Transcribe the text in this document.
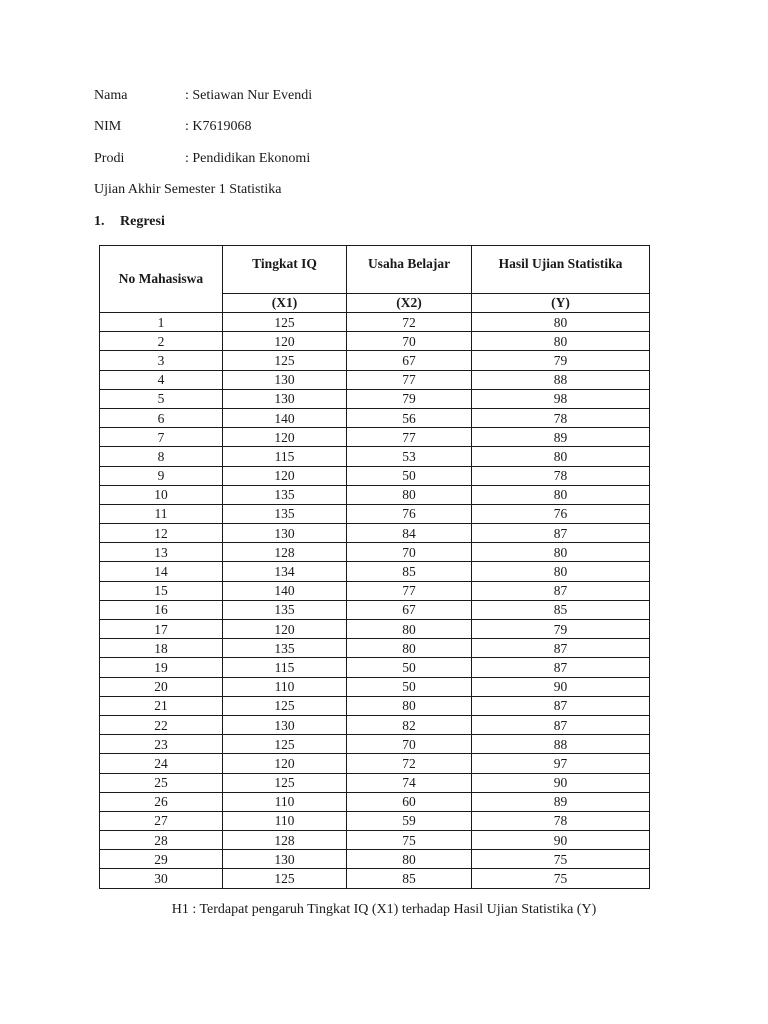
Nama	: Setiawan Nur Evendi
NIM	: K7619068
Prodi	: Pendidikan Ekonomi
Ujian Akhir Semester 1 Statistika
1. Regresi
No Mahasiswa	Tingkat IQ	Usaha Belajar	Hasil Ujian Statistika
	(X1)	(X2)	(Y)
1	125	72	80
2	120	70	80
3	125	67	79
4	130	77	88
5	130	79	98
6	140	56	78
7	120	77	89
8	115	53	80
9	120	50	78
10	135	80	80
11	135	76	76
12	130	84	87
13	128	70	80
14	134	85	80
15	140	77	87
16	135	67	85
17	120	80	79
18	135	80	87
19	115	50	87
20	110	50	90
21	125	80	87
22	130	82	87
23	125	70	88
24	120	72	97
25	125	74	90
26	110	60	89
27	110	59	78
28	128	75	90
29	130	80	75
30	125	85	75
H1 : Terdapat pengaruh Tingkat IQ (X1) terhadap Hasil Ujian Statistika (Y)
